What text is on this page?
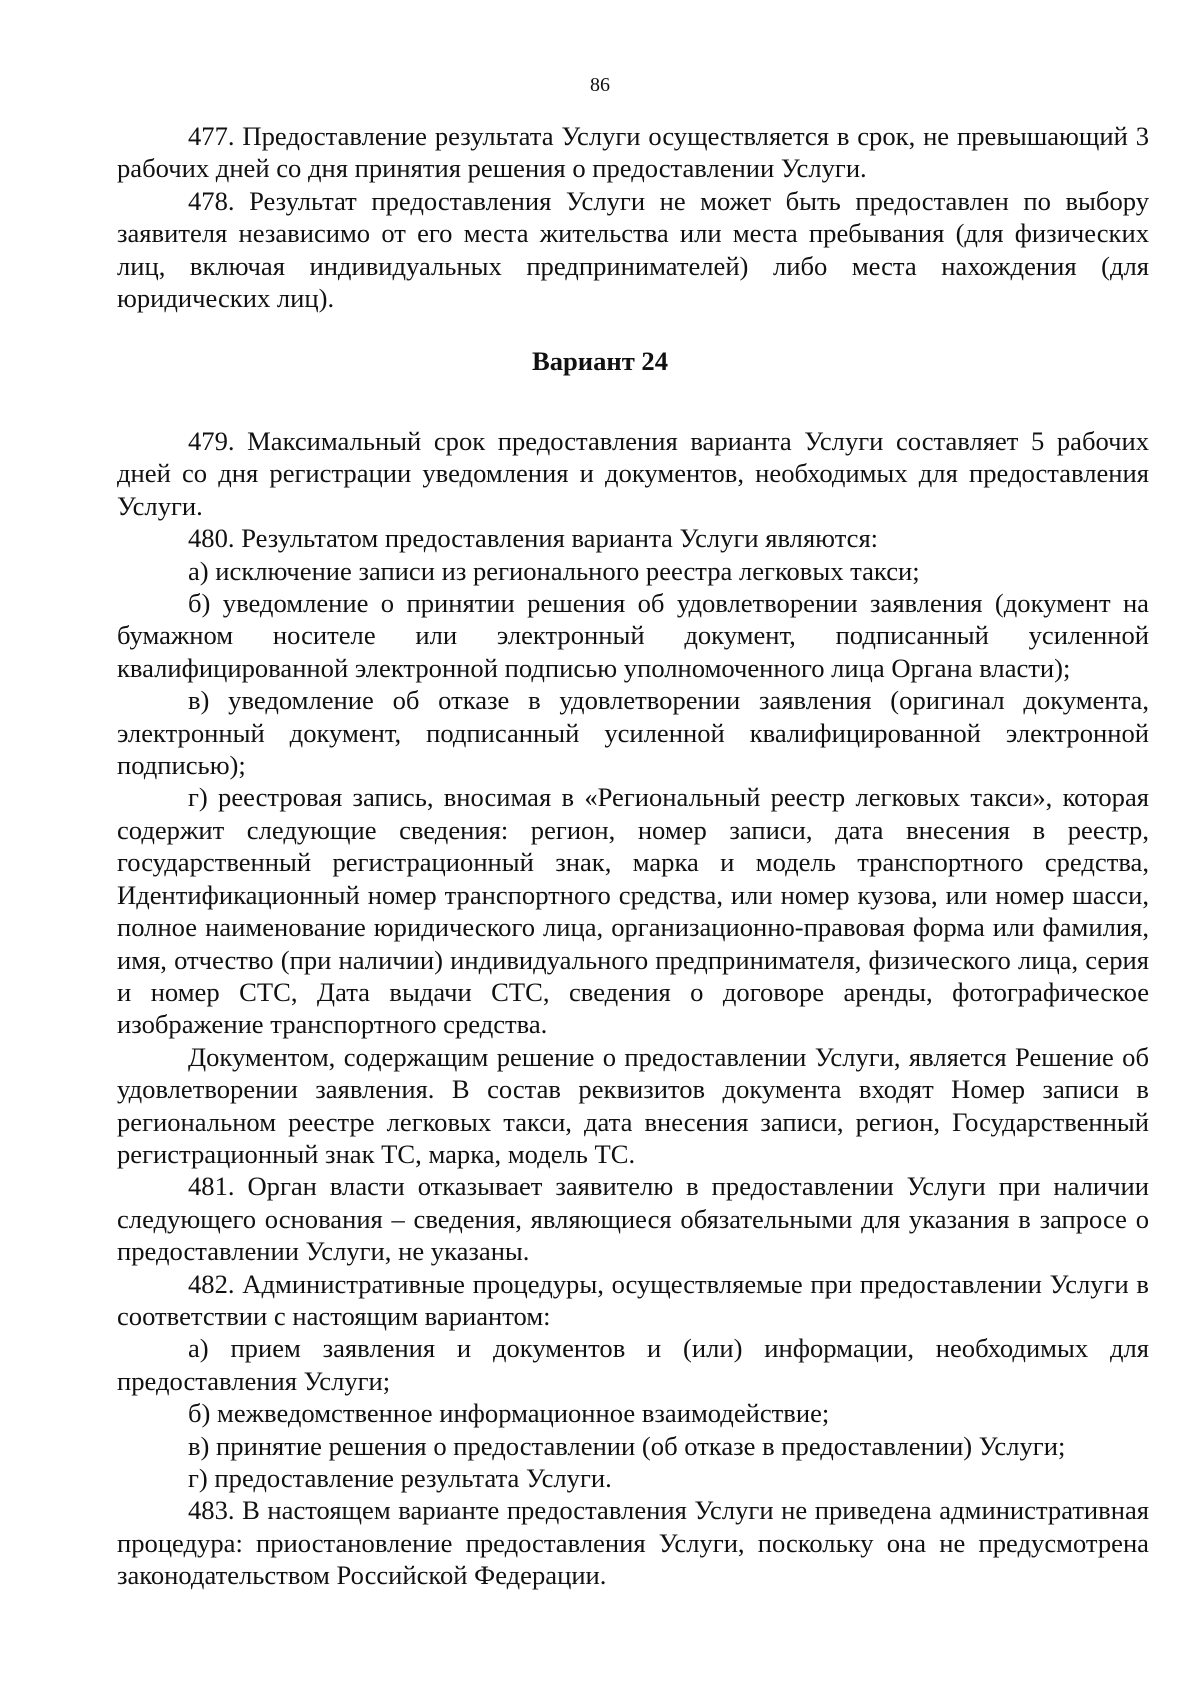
86

477. Предоставление результата Услуги осуществляется в срок, не превышающий 3 рабочих дней со дня принятия решения о предоставлении Услуги.

478. Результат предоставления Услуги не может быть предоставлен по выбору заявителя независимо от его места жительства или места пребывания (для физических лиц, включая индивидуальных предпринимателей) либо места нахождения (для юридических лиц).

Вариант 24

479. Максимальный срок предоставления варианта Услуги составляет 5 рабочих дней со дня регистрации уведомления и документов, необходимых для предоставления Услуги.

480. Результатом предоставления варианта Услуги являются:

а) исключение записи из регионального реестра легковых такси;

б) уведомление о принятии решения об удовлетворении заявления (документ на бумажном носителе или электронный документ, подписанный усиленной квалифицированной электронной подписью уполномоченного лица Органа власти);

в) уведомление об отказе в удовлетворении заявления (оригинал документа, электронный документ, подписанный усиленной квалифицированной электронной подписью);

г) реестровая запись, вносимая в «Региональный реестр легковых такси», которая содержит следующие сведения: регион, номер записи, дата внесения в реестр, государственный регистрационный знак, марка и модель транспортного средства, Идентификационный номер транспортного средства, или номер кузова, или номер шасси, полное наименование юридического лица, организационно-правовая форма или фамилия, имя, отчество (при наличии) индивидуального предпринимателя, физического лица, серия и номер СТС, Дата выдачи СТС, сведения о договоре аренды, фотографическое изображение транспортного средства.

Документом, содержащим решение о предоставлении Услуги, является Решение об удовлетворении заявления. В состав реквизитов документа входят Номер записи в региональном реестре легковых такси, дата внесения записи, регион, Государственный регистрационный знак ТС, марка, модель ТС.

481. Орган власти отказывает заявителю в предоставлении Услуги при наличии следующего основания – сведения, являющиеся обязательными для указания в запросе о предоставлении Услуги, не указаны.

482. Административные процедуры, осуществляемые при предоставлении Услуги в соответствии с настоящим вариантом:

а) прием заявления и документов и (или) информации, необходимых для предоставления Услуги;

б) межведомственное информационное взаимодействие;

в) принятие решения о предоставлении (об отказе в предоставлении) Услуги;

г) предоставление результата Услуги.

483. В настоящем варианте предоставления Услуги не приведена административная процедура: приостановление предоставления Услуги, поскольку она не предусмотрена законодательством Российской Федерации.
